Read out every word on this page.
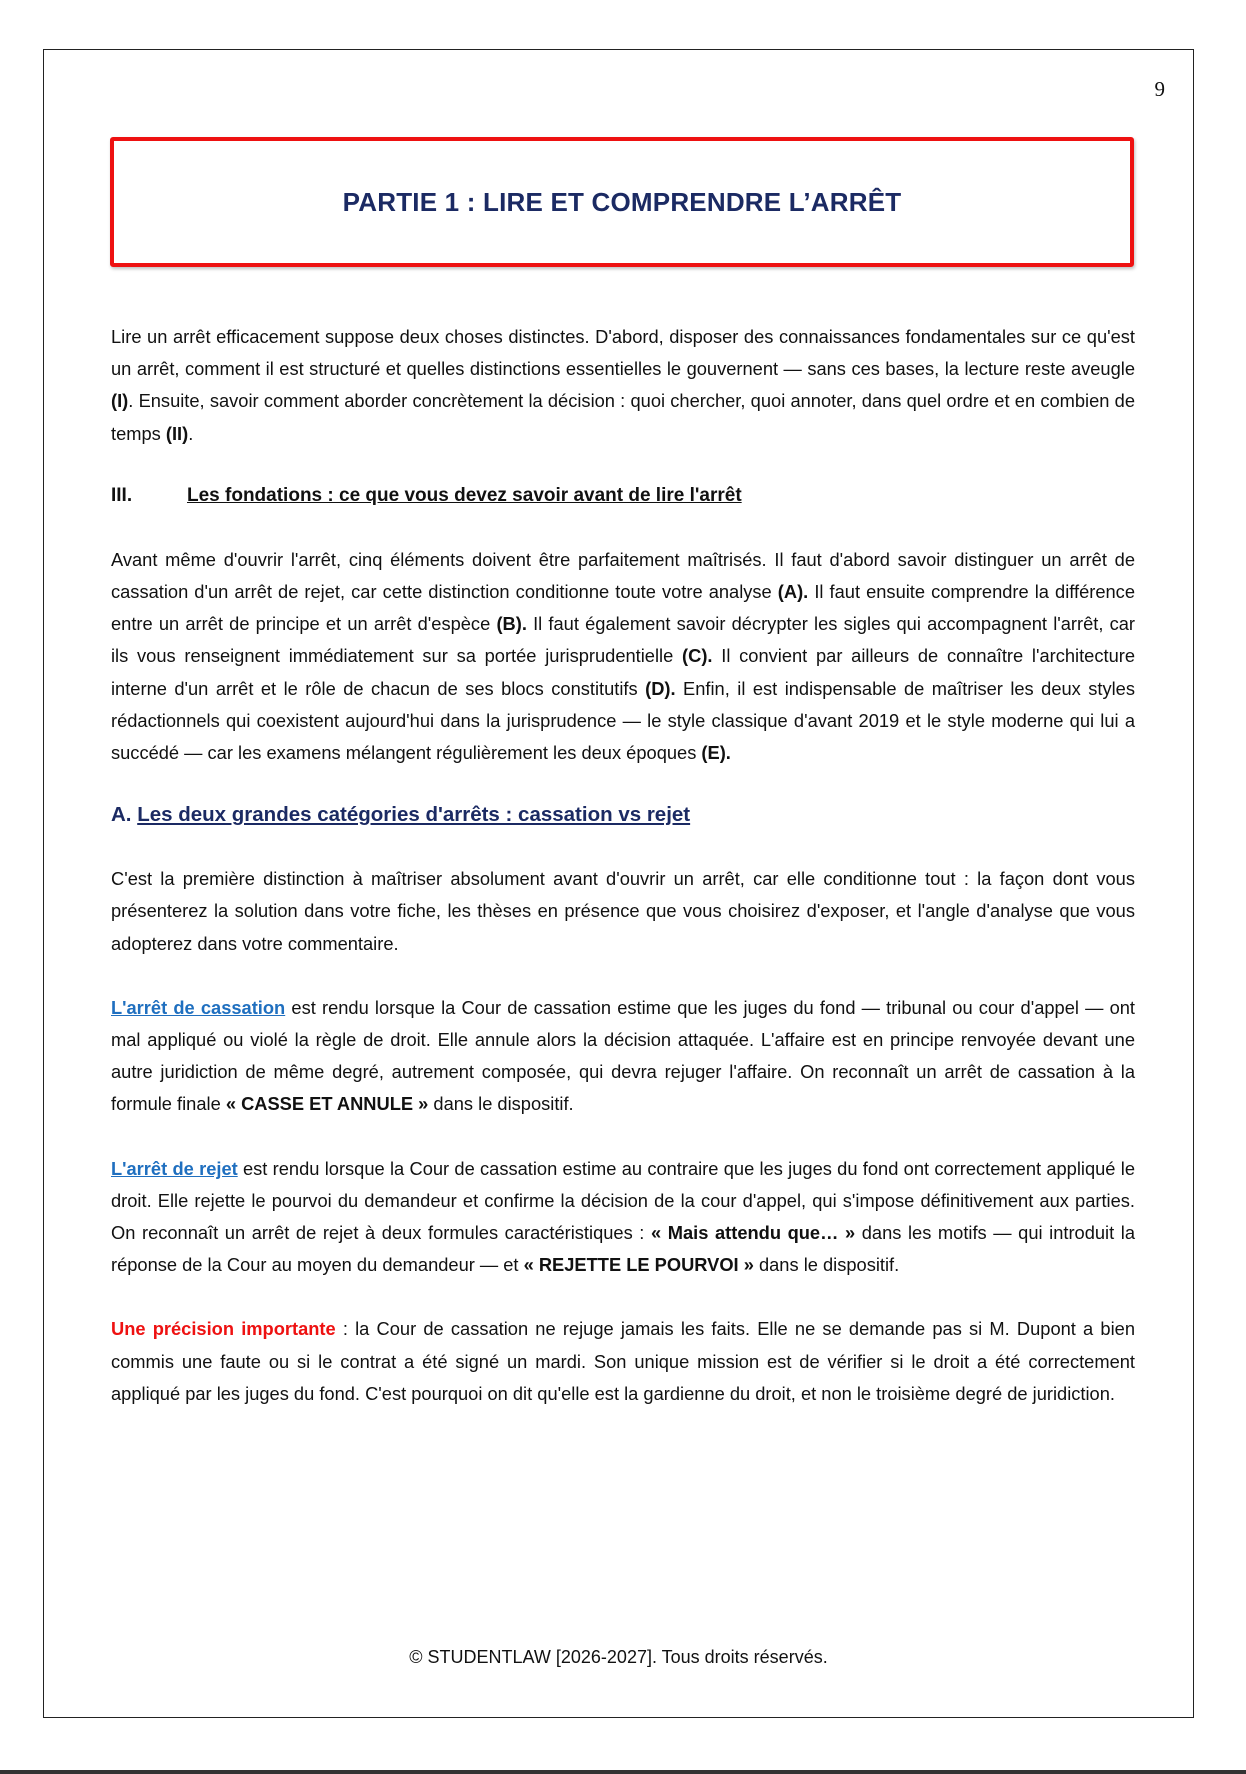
9
PARTIE 1 : LIRE ET COMPRENDRE L’ARRÊT

Lire un arrêt efficacement suppose deux choses distinctes. D'abord, disposer des connaissances fondamentales sur ce qu'est un arrêt, comment il est structuré et quelles distinctions essentielles le gouvernent — sans ces bases, la lecture reste aveugle (I). Ensuite, savoir comment aborder concrètement la décision : quoi chercher, quoi annoter, dans quel ordre et en combien de temps (II).

III.	Les fondations : ce que vous devez savoir avant de lire l'arrêt

Avant même d'ouvrir l'arrêt, cinq éléments doivent être parfaitement maîtrisés. Il faut d'abord savoir distinguer un arrêt de cassation d'un arrêt de rejet, car cette distinction conditionne toute votre analyse (A). Il faut ensuite comprendre la différence entre un arrêt de principe et un arrêt d'espèce (B). Il faut également savoir décrypter les sigles qui accompagnent l'arrêt, car ils vous renseignent immédiatement sur sa portée jurisprudentielle (C). Il convient par ailleurs de connaître l'architecture interne d'un arrêt et le rôle de chacun de ses blocs constitutifs (D). Enfin, il est indispensable de maîtriser les deux styles rédactionnels qui coexistent aujourd'hui dans la jurisprudence — le style classique d'avant 2019 et le style moderne qui lui a succédé — car les examens mélangent régulièrement les deux époques (E).

A. Les deux grandes catégories d'arrêts : cassation vs rejet

C'est la première distinction à maîtriser absolument avant d'ouvrir un arrêt, car elle conditionne tout : la façon dont vous présenterez la solution dans votre fiche, les thèses en présence que vous choisirez d'exposer, et l'angle d'analyse que vous adopterez dans votre commentaire.

L'arrêt de cassation est rendu lorsque la Cour de cassation estime que les juges du fond — tribunal ou cour d'appel — ont mal appliqué ou violé la règle de droit. Elle annule alors la décision attaquée. L'affaire est en principe renvoyée devant une autre juridiction de même degré, autrement composée, qui devra rejuger l'affaire. On reconnaît un arrêt de cassation à la formule finale « CASSE ET ANNULE » dans le dispositif.

L'arrêt de rejet est rendu lorsque la Cour de cassation estime au contraire que les juges du fond ont correctement appliqué le droit. Elle rejette le pourvoi du demandeur et confirme la décision de la cour d'appel, qui s'impose définitivement aux parties. On reconnaît un arrêt de rejet à deux formules caractéristiques : « Mais attendu que… » dans les motifs — qui introduit la réponse de la Cour au moyen du demandeur — et « REJETTE LE POURVOI » dans le dispositif.

Une précision importante : la Cour de cassation ne rejuge jamais les faits. Elle ne se demande pas si M. Dupont a bien commis une faute ou si le contrat a été signé un mardi. Son unique mission est de vérifier si le droit a été correctement appliqué par les juges du fond. C'est pourquoi on dit qu'elle est la gardienne du droit, et non le troisième degré de juridiction.

© STUDENTLAW [2026-2027]. Tous droits réservés.
